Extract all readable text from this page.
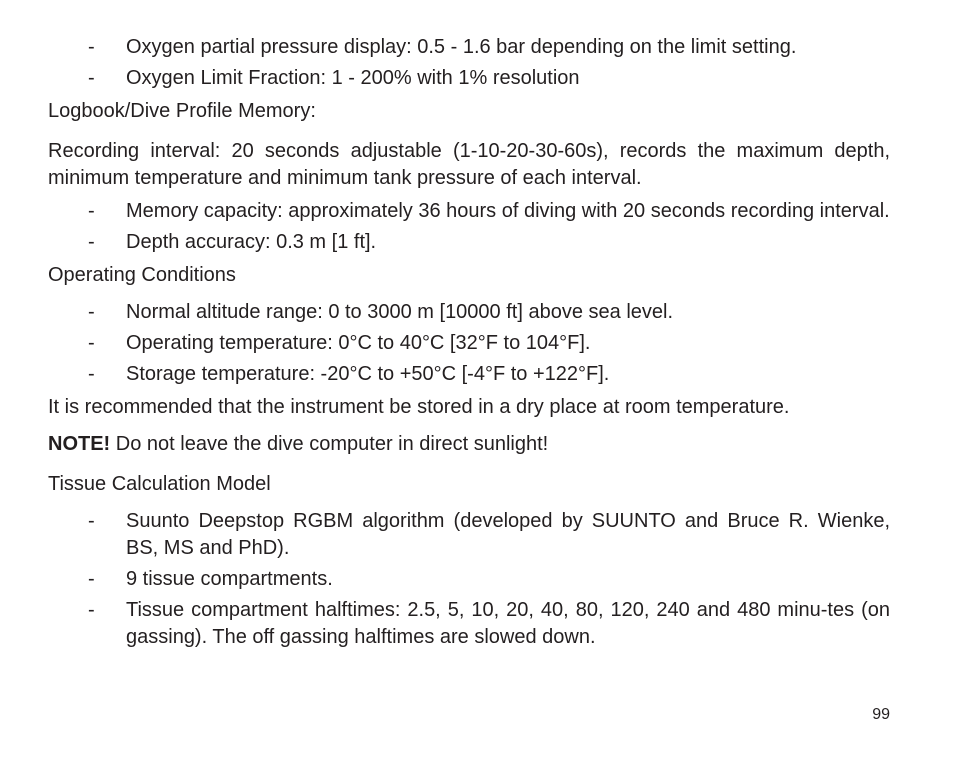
- Oxygen partial pressure display: 0.5 - 1.6 bar depending on the limit setting.
- Oxygen Limit Fraction: 1 - 200% with 1% resolution

Logbook/Dive Profile Memory:

Recording interval: 20 seconds adjustable (1-10-20-30-60s), records the maximum depth, minimum temperature and minimum tank pressure of each interval.

- Memory capacity: approximately 36 hours of diving with 20 seconds recording interval.
- Depth accuracy: 0.3 m [1 ft].

Operating Conditions

- Normal altitude range: 0 to 3000 m [10000 ft] above sea level.
- Operating temperature: 0°C to 40°C [32°F to 104°F].
- Storage temperature: -20°C to +50°C [-4°F to +122°F].

It is recommended that the instrument be stored in a dry place at room temperature.

NOTE! Do not leave the dive computer in direct sunlight!

Tissue Calculation Model

- Suunto Deepstop RGBM algorithm (developed by SUUNTO and Bruce R. Wienke, BS, MS and PhD).
- 9 tissue compartments.
- Tissue compartment halftimes: 2.5, 5, 10, 20, 40, 80, 120, 240 and 480 minu-tes (on gassing). The off gassing halftimes are slowed down.
99
